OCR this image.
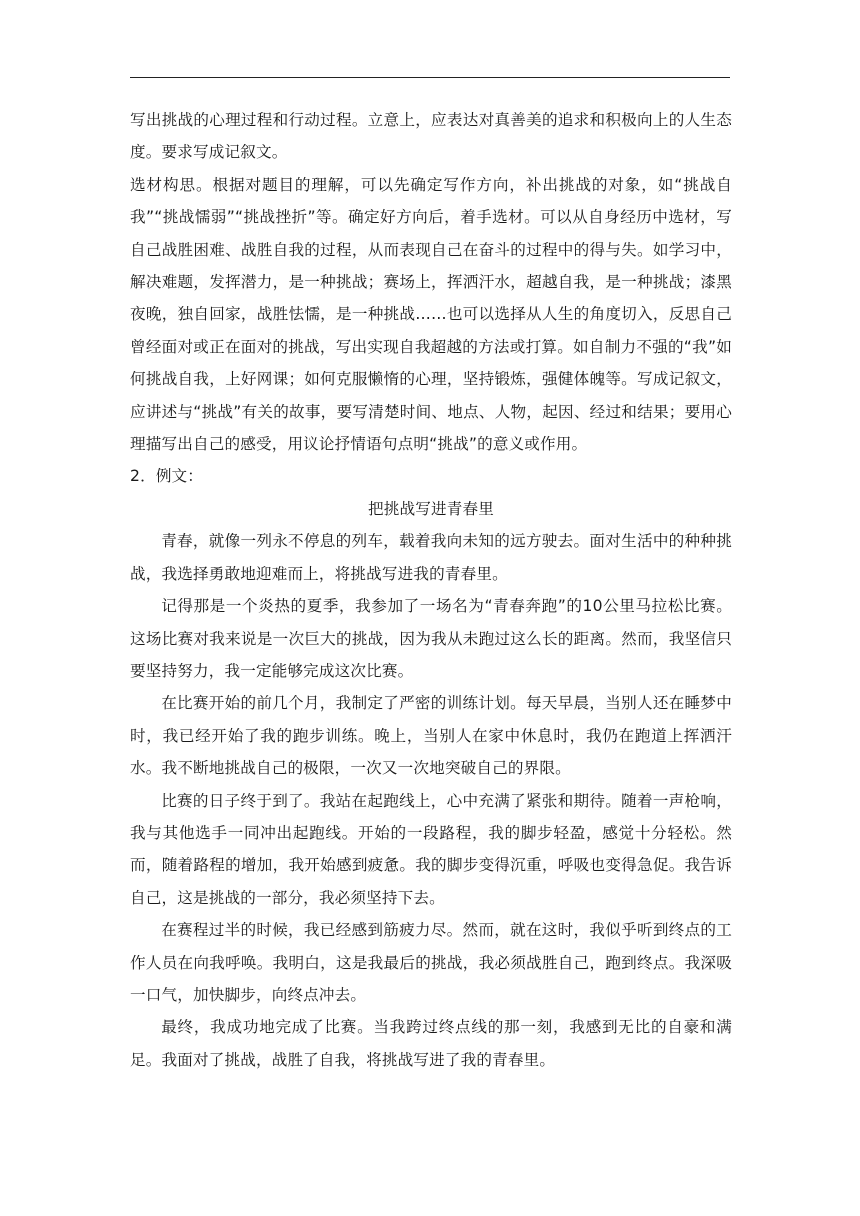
写出挑战的心理过程和行动过程。立意上，应表达对真善美的追求和积极向上的人生态度。要求写成记叙文。

选材构思。根据对题目的理解，可以先确定写作方向，补出挑战的对象，如“挑战自我”“挑战懦弱”“挑战挫折”等。确定好方向后，着手选材。可以从自身经历中选材，写自己战胜困难、战胜自我的过程，从而表现自己在奋斗的过程中的得与失。如学习中，解决难题，发挥潜力，是一种挑战；赛场上，挥洒汗水，超越自我，是一种挑战；漆黑夜晚，独自回家，战胜怯懦，是一种挑战……也可以选择从人生的角度切入，反思自己曾经面对或正在面对的挑战，写出实现自我超越的方法或打算。如自制力不强的“我”如何挑战自我，上好网课；如何克服懒惰的心理，坚持锻炼，强健体魄等。写成记叙文，应讲述与“挑战”有关的故事，要写清楚时间、地点、人物，起因、经过和结果；要用心理描写出自己的感受，用议论抒情语句点明“挑战”的意义或作用。

2．例文：

把挑战写进青春里

青春，就像一列永不停息的列车，载着我向未知的远方驶去。面对生活中的种种挑战，我选择勇敢地迎难而上，将挑战写进我的青春里。

记得那是一个炎热的夏季，我参加了一场名为“青春奔跑”的10公里马拉松比赛。这场比赛对我来说是一次巨大的挑战，因为我从未跑过这么长的距离。然而，我坚信只要坚持努力，我一定能够完成这次比赛。

在比赛开始的前几个月，我制定了严密的训练计划。每天早晨，当别人还在睡梦中时，我已经开始了我的跑步训练。晚上，当别人在家中休息时，我仍在跑道上挥洒汗水。我不断地挑战自己的极限，一次又一次地突破自己的界限。

比赛的日子终于到了。我站在起跑线上，心中充满了紧张和期待。随着一声枪响，我与其他选手一同冲出起跑线。开始的一段路程，我的脚步轻盈，感觉十分轻松。然而，随着路程的增加，我开始感到疲惫。我的脚步变得沉重，呼吸也变得急促。我告诉自己，这是挑战的一部分，我必须坚持下去。

在赛程过半的时候，我已经感到筋疲力尽。然而，就在这时，我似乎听到终点的工作人员在向我呼唤。我明白，这是我最后的挑战，我必须战胜自己，跑到终点。我深吸一口气，加快脚步，向终点冲去。

最终，我成功地完成了比赛。当我跨过终点线的那一刻，我感到无比的自豪和满足。我面对了挑战，战胜了自我，将挑战写进了我的青春里。
